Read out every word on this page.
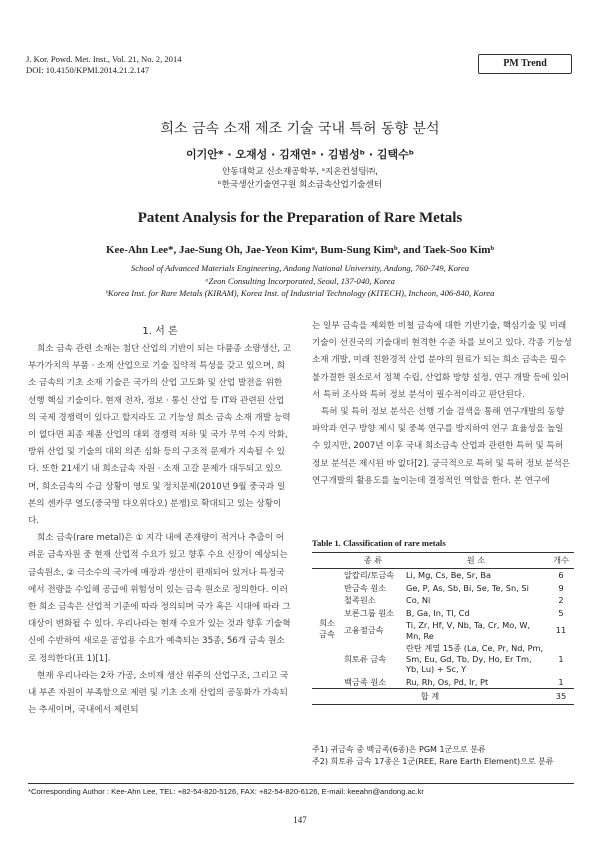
J. Kor. Powd. Met. Inst., Vol. 21, No. 2, 2014
DOI: 10.4150/KPMI.2014.21.2.147
PM Trend
희소 금속 소재 제조 기술 국내 특허 동향 분석
이기안* · 오재성 · 김재연ᵃ · 김범성ᵇ · 김택수ᵇ
안동대학교 신소재공학부, ᵃ지온컨설팅㈜,
ᵇ한국생산기술연구원 희소금속산업기술센터
Patent Analysis for the Preparation of Rare Metals
Kee-Ahn Lee*, Jae-Sung Oh, Jae-Yeon Kimᵃ, Bum-Sung Kimᵇ, and Taek-Soo Kimᵇ
School of Advanced Materials Engineering, Andong National University, Andong, 760-749, Korea
ᵃZeon Consulting Incorporated, Seoul, 137-040, Korea
ᵇKorea Inst. for Rare Metals (KIRAM), Korea Inst. of Industrial Technology (KITECH), Incheon, 406-840, Korea
1. 서 론

희소 금속 관련 소재는 첨단 산업의 기반이 되는 다품종 소량생산, 고부가가치의 부품 · 소재 산업으로 기술 집약적 특성을 갖고 있으며, 희소 금속의 기초 소재 기술은 국가의 산업 고도화 및 산업 발전을 위한 선행 핵심 기술이다. 현재 전자, 정보 · 통신 산업 등 IT와 관련된 산업의 국제 경쟁력이 있다고 할지라도 고 기능성 희소 금속 소재 개발 능력이 없다면 최종 제품 산업의 대외 경쟁력 저하 및 국가 무역 수지 악화, 방위 산업 및 기술의 대외 의존 심화 등의 구조적 문제가 지속될 수 있다. 또한 21세기 내 희소금속 자원 · 소재 고갈 문제가 대두되고 있으며, 희소금속의 수급 상황이 영토 및 정치문제(2010년 9월 중국과 일본의 센카쿠 열도(중국명 댜오위다오) 분쟁)로 확대되고 있는 상황이다.

희소 금속(rare metal)은 ① 지각 내에 존재량이 적거나 추출이 어려운 금속자원 중 현재 산업적 수요가 있고 향후 수요 신장이 예상되는 금속원소, ② 극소수의 국가에 매장과 생산이 편재되어 있거나 특정국에서 전량을 수입해 공급에 위험성이 있는 금속 원소로 정의한다. 이러한 희소 금속은 산업적 기준에 따라 정의되며 국가 혹은 시대에 따라 그 대상이 변화될 수 있다. 우리나라는 현재 수요가 있는 것과 향후 기술혁신에 수반하여 새로운 공업용 수요가 예측되는 35종, 56개 금속 원소로 정의한다(표 1)[1].

현재 우리나라는 2차 가공, 소비재 생산 위주의 산업구조, 그리고 국내 부존 자원이 부족함으로 제련 및 기초 소재 산업의 공동화가 가속되는 추세이며, 국내에서 제련되

는 일부 금속을 제외한 비철 금속에 대한 기반기술, 핵심기술 및 미래 기술이 선진국의 기술대비 현격한 수준 차를 보이고 있다. 각종 기능성 소재 개발, 미래 친환경적 산업 분야의 원료가 되는 희소 금속은 필수 불가결한 원소로서 정책 수립, 산업화 방향 설정, 연구 개발 등에 있어서 특허 조사와 특허 정보 분석이 필수적이라고 판단된다.

특허 및 특허 정보 분석은 선행 기술 검색을 통해 연구개발의 동향 파악과 연구 방향 제시 및 중복 연구를 방지하여 연구 효율성을 높일 수 있지만, 2007년 이후 국내 희소금속 산업과 관련한 특허 및 특허 정보 분석은 제시된 바 없다[2]. 궁극적으로 특허 및 특허 정보 분석은 연구개발의 활용도를 높이는데 결정적인 역할을 한다. 본 연구에

Table 1. Classification of rare metals
	종 류	원 소	개수
희소
금속	알칼리/토금속	Li, Mg, Cs, Be, Sr, Ba	6
	반금속 원소	Ge, P, As, Sb, Bi, Se, Te, Sn, Si	9
	철족원소	Co, Ni	2
	보론그룹 원소	B, Ga, In, Tl, Cd	5
	고융점금속	Ti, Zr, Hf, V, Nb, Ta, Cr, Mo, W, Mn, Re	11
	희토류 금속	란탄 계열 15종 (La, Ce, Pr, Nd, Pm, Sm, Eu, Gd, Tb, Dy, Ho, Er Tm, Yb, Lu) + Sc, Y	1
	백금족 원소	Ru, Rh, Os, Pd, Ir, Pt	1
합 계			35
주1) 귀금속 중 백금족(6종)은 PGM 1군으로 분류
주2) 희토류 금속 17종은 1군(REE, Rare Earth Element)으로 분류
*Corresponding Author : Kee-Ahn Lee, TEL: +82-54-820-5126, FAX: +82-54-820-6126, E-mail: keeahn@andong.ac.kr
147
